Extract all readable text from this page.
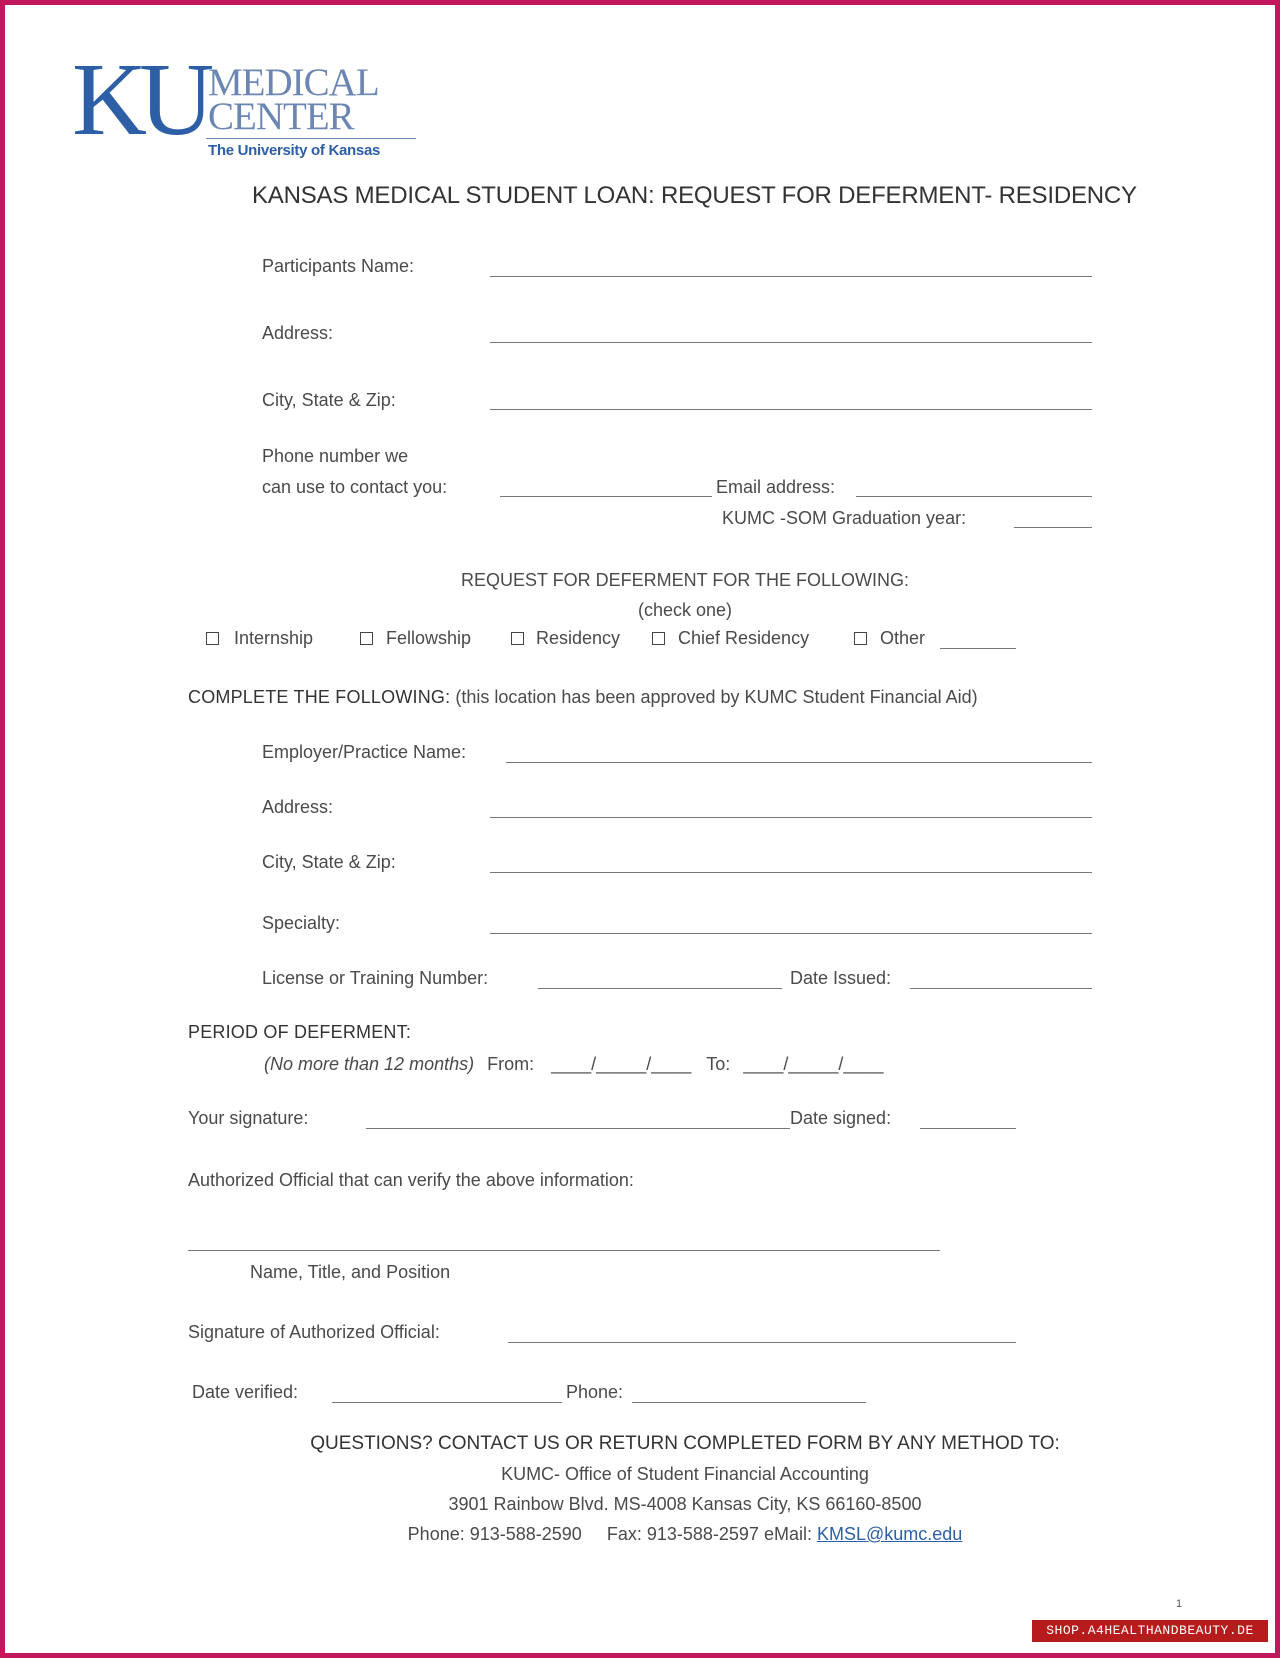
KU MEDICAL
CENTER
The University of Kansas
KANSAS MEDICAL STUDENT LOAN: REQUEST FOR DEFERMENT- RESIDENCY
Participants Name:
Address:
City, State & Zip:
Phone number we
can use to contact you:	Email address:
KUMC -SOM Graduation year:
REQUEST FOR DEFERMENT FOR THE FOLLOWING:
(check one)
Internship	Fellowship	Residency	Chief Residency	Other
COMPLETE THE FOLLOWING: (this location has been approved by KUMC Student Financial Aid)
Employer/Practice Name:
Address:
City, State & Zip:
Specialty:
License or Training Number:	Date Issued:
PERIOD OF DEFERMENT:
(No more than 12 months) From: ____/_____/____ To: ____/_____/____
Your signature:	Date signed:
Authorized Official that can verify the above information:
Name, Title, and Position
Signature of Authorized Official:
Date verified:	Phone:
QUESTIONS? CONTACT US OR RETURN COMPLETED FORM BY ANY METHOD TO:
KUMC- Office of Student Financial Accounting
3901 Rainbow Blvd. MS-4008 Kansas City, KS 66160-8500
Phone: 913-588-2590 Fax: 913-588-2597 eMail: KMSL@kumc.edu
1
SHOP.A4HEALTHANDBEAUTY.DE
